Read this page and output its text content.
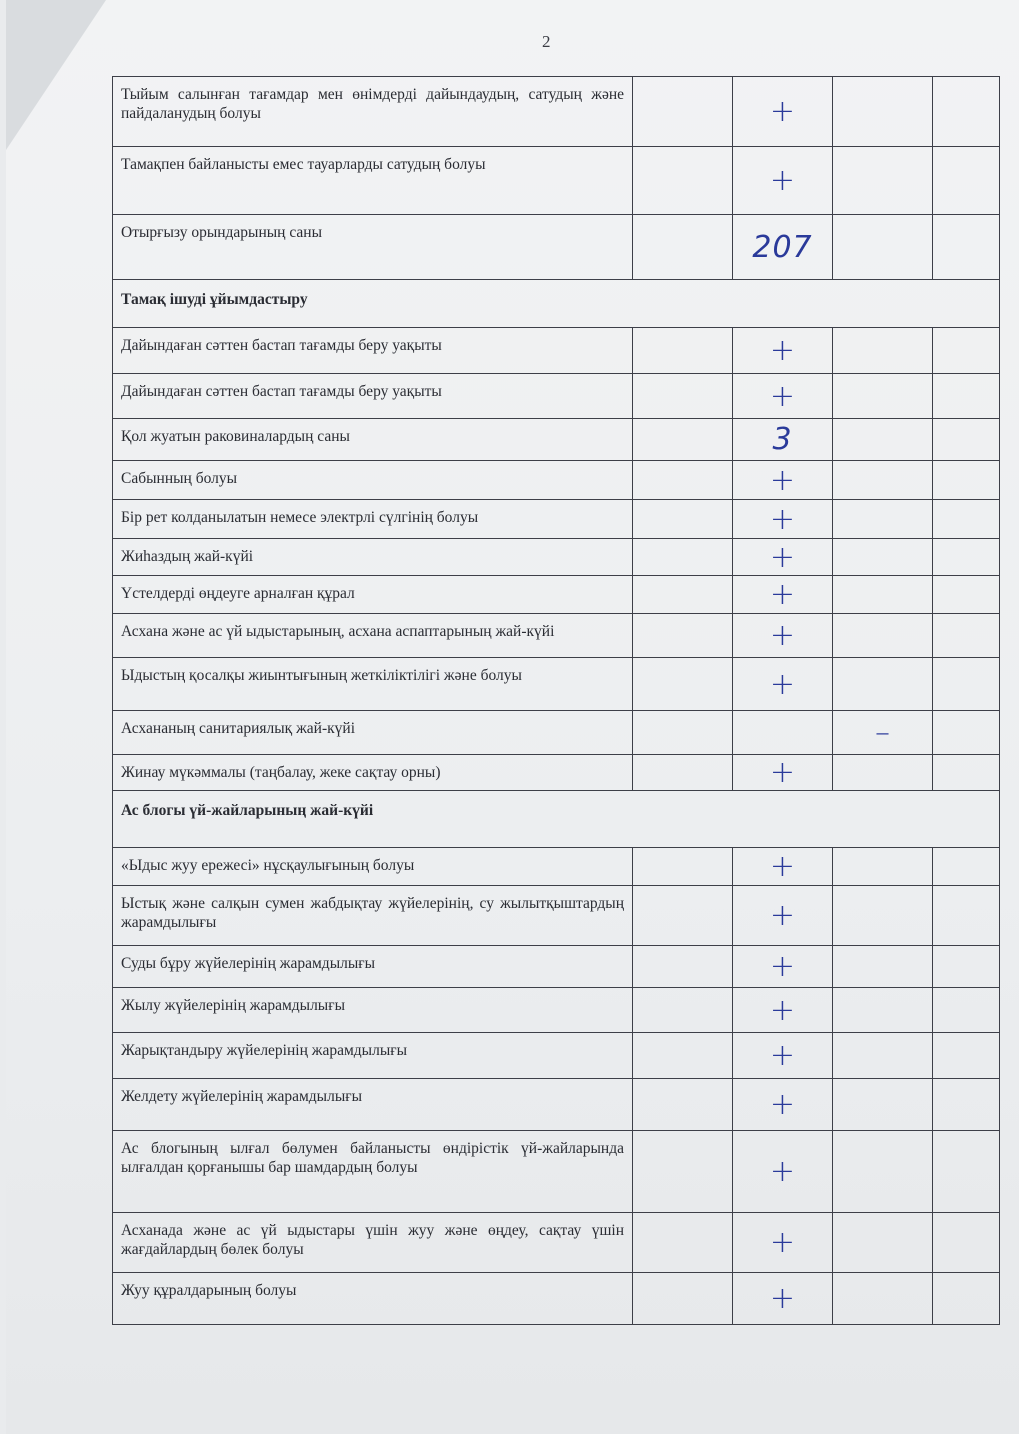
2
Тыйым салынған тағамдар мен өнімдерді дайындаудың, сатудың және пайдаланудың болуы		+		
Тамақпен байланысты емес тауарларды сатудың болуы		+		
Отырғызу орындарының саны		207		
Тамақ ішуді ұйымдастыру				
Дайындаған сәттен бастап тағамды беру уақыты		+		
Дайындаған сәттен бастап тағамды беру уақыты		+		
Қол жуатын раковиналардың саны		3		
Сабынның болуы		+		
Бір рет колданылатын немесе электрлі сүлгінің болуы		+		
Жиһаздың жай-күйі		+		
Үстелдерді өңдеуге арналған құрал		+		
Асхана және ас үй ыдыстарының, асхана аспаптарының жай-күйі		+		
Ыдыстың қосалқы жиынтығының жеткіліктілігі және болуы		+		
Асхананың санитариялық жай-күйі			–	
Жинау мүкәммалы (таңбалау, жеке сақтау орны)		+		
Ас блогы үй-жайларының жай-күйі				
«Ыдыс жуу ережесі» нұсқаулығының болуы		+		
Ыстық және салқын сумен жабдықтау жүйелерінің, су жылытқыштардың жарамдылығы		+		
Суды бұру жүйелерінің жарамдылығы		+		
Жылу жүйелерінің жарамдылығы		+		
Жарықтандыру жүйелерінің жарамдылығы		+		
Желдету жүйелерінің жарамдылығы		+		
Ас блогының ылғал бөлумен байланысты өндірістік үй-жайларында ылғалдан қорғанышы бар шамдардың болуы		+		
Асханада және ас үй ыдыстары үшін жуу және өңдеу, сақтау үшін жағдайлардың бөлек болуы		+		
Жуу құралдарының болуы		+		
